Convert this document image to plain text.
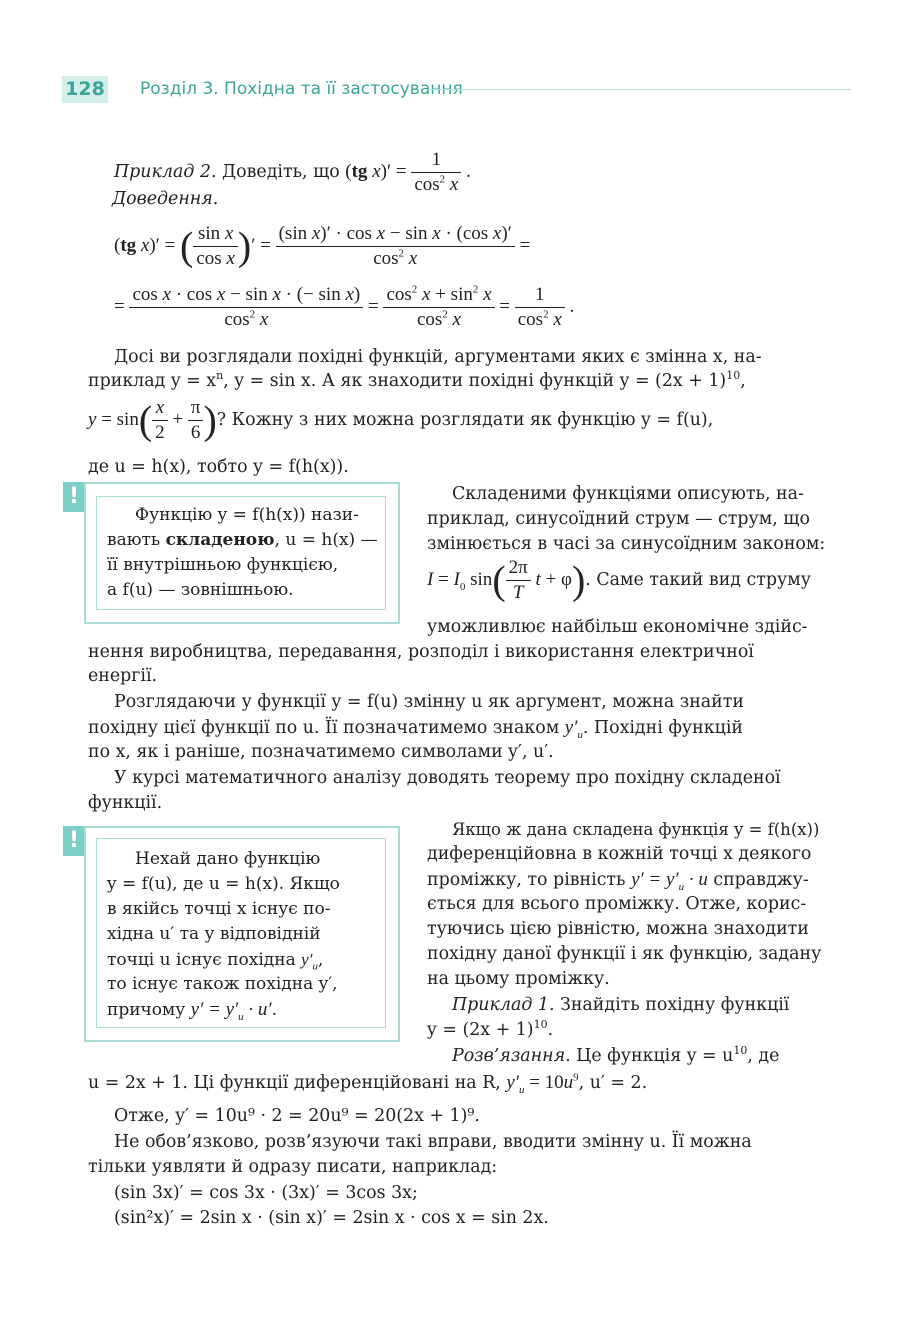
128 Розділ 3. Похідна та її застосування
Приклад 2. Доведіть, що (tg $x)' = \frac{1}{\cos^2 x}$ .
Доведення.
(tg x)′ = ( $\frac{\text{sin x}}{\text{cos x}}$ )′ = $\frac{\text{(sin x)′ · cos x − sin x · (cos x)′}}{\cos^2 x}$ =
= $\frac{\text{cos x · cos x − sin x · (− sin x)}}{\cos^2 x} = \frac{\cos^2 x + \sin^2 x}{\cos^2 x} = \frac{1}{\cos^2 x}$ .
Досі ви розглядали похідні функцій, аргументами яких є змінна x, на-
приклад $y = x^n$, y = sin x. А як знаходити похідні функцій $y = (2x + 1)^{10}$,
$y = \sin( \frac{x}{2} + \frac{\pi}{6}$ )? Кожну з них можна розглядати як функцію y = f(u),
де u = h(x), тобто y = f(h(x)).
!
Функцію y = f(h(x)) нази-
вають складеною, u = h(x) —
її внутрішньою функцією,
а f(u) — зовнішньою.
Складеними функціями описують, на-
приклад, синусоїдний струм — струм, що
змінюється в часі за синусоїдним законом:
$I = I_0$ $\sin( \frac{2\pi}{T}$ t + φ). Саме такий вид струму
уможливлює найбільш економічне здійс-
нення виробництва, передавання, розподіл і використання електричної
енергії.
Розглядаючи у функції y = f(u) змінну u як аргумент, можна знайти
похідну цієї функції по u. Її позначатимемо знаком $y'_u$. Похідні функцій
по x, як і раніше, позначатимемо символами y′, u′.
У курсі математичного аналізу доводять теорему про похідну складеної
функції.
!
Нехай дано функцію
y = f(u), де u = h(x). Якщо
в якійсь точці x існує по-
хідна u′ та у відповідній
точці u існує похідна $y'_u$,
то існує також похідна y′,
причому $y' = y'_u \cdot u'$.
Якщо ж дана складена функція y = f(h(x))
диференційовна в кожній точці x деякого
проміжку, то рівність $y' = y'_u \cdot u$ справджу-
ється для всього проміжку. Отже, корис-
туючись цією рівністю, можна знаходити
похідну даної функції і як функцію, задану
на цьому проміжку.
Приклад 1. Знайдіть похідну функції
$y = (2x + 1)^{10}$.
Розв’язання. Це функція $y = u^{10}$, де
u = 2x + 1. Ці функції диференційовані на R, $y'_u = 10u^9$, u′ = 2.
Отже, y′ = 10u⁹ · 2 = 20u⁹ = 20(2x + 1)⁹.
Не обов’язково, розв’язуючи такі вправи, вводити змінну u. Її можна
тільки уявляти й одразу писати, наприклад:
(sin 3x)′ = cos 3x · (3x)′ = 3cos 3x;
(sin²x)′ = 2sin x · (sin x)′ = 2sin x · cos x = sin 2x.
